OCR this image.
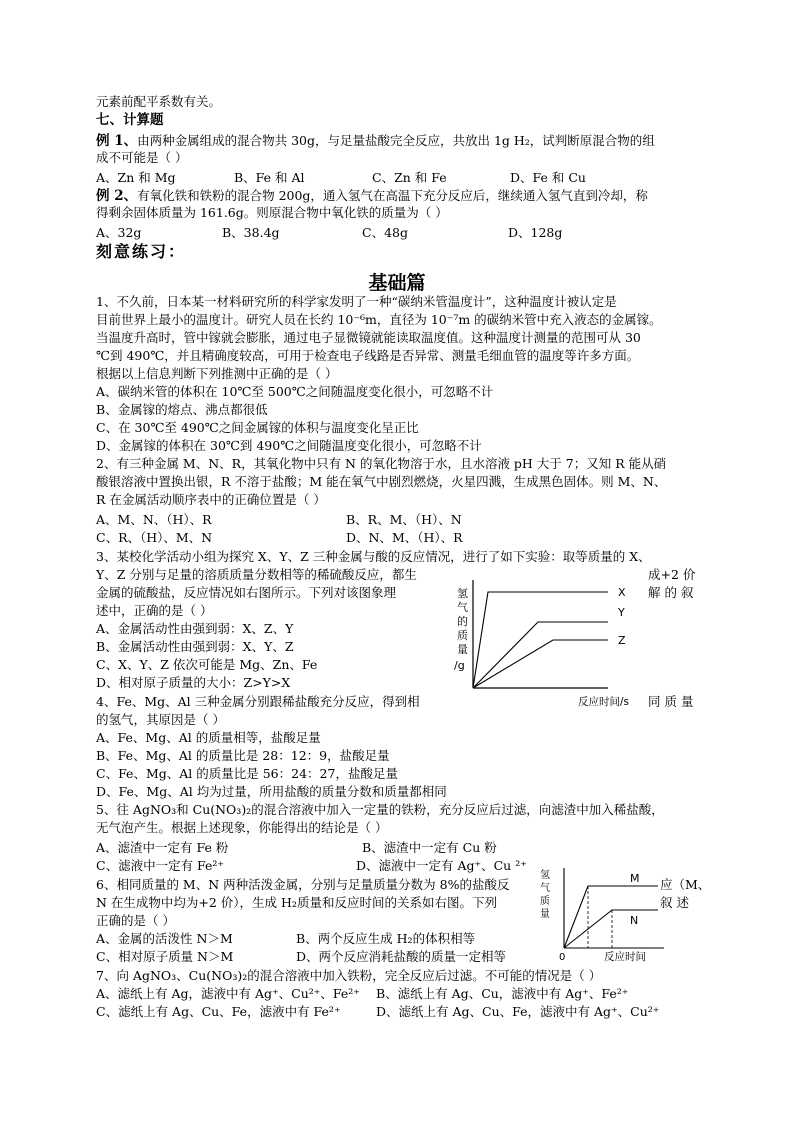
元素前配平系数有关。
七、计算题
例 1、由两种金属组成的混合物共 30g，与足量盐酸完全反应，共放出 1g H₂，试判断原混合物的组
成不可能是（ ）
A、Zn 和 Mg	B、Fe 和 Al	C、Zn 和 Fe	D、Fe 和 Cu
例 2、有氧化铁和铁粉的混合物 200g，通入氢气在高温下充分反应后，继续通入氢气直到冷却，称
得剩余固体质量为 161.6g。则原混合物中氧化铁的质量为（ ）
A、32g	B、38.4g	C、48g	D、128g
刻意练习：
基础篇
1、不久前，日本某一材料研究所的科学家发明了一种“碳纳米管温度计”，这种温度计被认定是
目前世界上最小的温度计。研究人员在长约 10⁻⁶m，直径为 10⁻⁷m 的碳纳米管中充入液态的金属镓。
当温度升高时，管中镓就会膨胀，通过电子显微镜就能读取温度值。这种温度计测量的范围可从 30
℃到 490℃，并且精确度较高，可用于检查电子线路是否异常、测量毛细血管的温度等许多方面。
根据以上信息判断下列推测中正确的是（ ）
A、碳纳米管的体积在 10℃至 500℃之间随温度变化很小，可忽略不计
B、金属镓的熔点、沸点都很低
C、在 30℃至 490℃之间金属镓的体积与温度变化呈正比
D、金属镓的体积在 30℃到 490℃之间随温度变化很小，可忽略不计
2、有三种金属 M、N、R，其氧化物中只有 N 的氧化物溶于水，且水溶液 pH 大于 7；又知 R 能从硝
酸银溶液中置换出银，R 不溶于盐酸；M 能在氧气中剧烈燃烧，火星四溅，生成黑色固体。则 M、N、
R 在金属活动顺序表中的正确位置是（ ）
A、M、N、（H）、R	B、R、M、（H）、N
C、R、（H）、M、N	D、N、M、（H）、R
3、某校化学活动小组为探究 X、Y、Z 三种金属与酸的反应情况，进行了如下实验：取等质量的 X、
Y、Z 分别与足量的溶质质量分数相等的稀硫酸反应，都生	成+2 价
金属的硫酸盐，反应情况如右图所示。下列对该图象理	解 的 叙
述中，正确的是（ ）
A、金属活动性由强到弱：X、Z、Y
B、金属活动性由强到弱：X、Y、Z
C、X、Y、Z 依次可能是 Mg、Zn、Fe
D、相对原子质量的大小：Z>Y>X
氢
气
的
质
量
/g
X
Y
Z
反应时间/s
4、Fe、Mg、Al 三种金属分别跟稀盐酸充分反应，得到相	同 质 量
的氢气，其原因是（ ）
A、Fe、Mg、Al 的质量相等，盐酸足量
B、Fe、Mg、Al 的质量比是 28：12：9，盐酸足量
C、Fe、Mg、Al 的质量比是 56：24：27，盐酸足量
D、Fe、Mg、Al 均为过量，所用盐酸的质量分数和质量都相同
5、往 AgNO₃和 Cu(NO₃)₂的混合溶液中加入一定量的铁粉，充分反应后过滤，向滤渣中加入稀盐酸，
无气泡产生。根据上述现象，你能得出的结论是（ ）
A、滤渣中一定有 Fe 粉	B、滤渣中一定有 Cu 粉
C、滤液中一定有 Fe²⁺	D、滤液中一定有 Ag⁺、Cu ²⁺
6、相同质量的 M、N 两种活泼金属，分别与足量质量分数为 8%的盐酸反	应（M、
N 在生成物中均为+2 价），生成 H₂质量和反应时间的关系如右图。下列	叙 述
正确的是（ ）
A、金属的活泼性 N＞M	B、两个反应生成 H₂的体积相等
C、相对原子质量 N＞M	D、两个反应消耗盐酸的质量一定相等
氢
气
质
量
M
N
0	反应时间
7、向 AgNO₃、Cu(NO₃)₂的混合溶液中加入铁粉，完全反应后过滤。不可能的情况是（ ）
A、滤纸上有 Ag，滤液中有 Ag⁺、Cu²⁺、Fe²⁺ B、滤纸上有 Ag、Cu，滤液中有 Ag⁺、Fe²⁺
C、滤纸上有 Ag、Cu、Fe，滤液中有 Fe²⁺	D、滤纸上有 Ag、Cu、Fe，滤液中有 Ag⁺、Cu²⁺
